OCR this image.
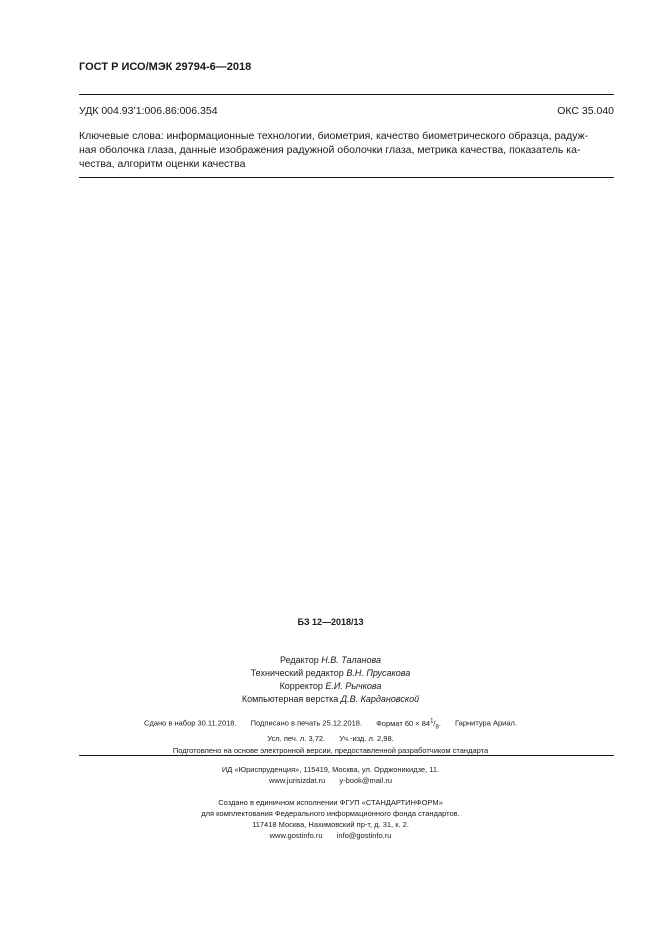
ГОСТ Р ИСО/МЭК 29794-6—2018
УДК 004.93’1:006.86:006.354	ОКС 35.040
Ключевые слова: информационные технологии, биометрия, качество биометрического образца, радуж-
ная оболочка глаза, данные изображения радужной оболочки глаза, метрика качества, показатель ка-
чества, алгоритм оценки качества
БЗ 12—2018/13
Редактор Н.В. Таланова
Технический редактор В.Н. Прусакова
Корректор Е.И. Рычкова
Компьютерная верстка Д.В. Кардановской
Сдано в набор 30.11.2018. Подписано в печать 25.12.2018. Формат $60 \times 84^1/_8$. Гарнитура Ариал.
Усл. печ. л. 3,72. Уч.-изд. л. 2,98.
Подготовлено на основе электронной версии, предоставленной разработчиком стандарта
ИД «Юриспруденция», 115419, Москва, ул. Орджоникидзе, 11.
www.jurisizdat.ru y-book@mail.ru
Создано в единичном исполнении ФГУП «СТАНДАРТИНФОРМ»
для комплектования Федерального информационного фонда стандартов.
117418 Москва, Нахимовский пр-т, д. 31, к. 2.
www.gostinfo.ru info@gostinfo.ru
